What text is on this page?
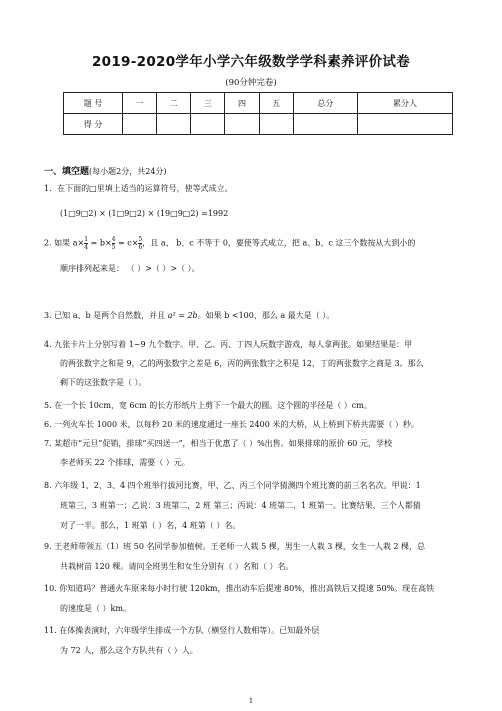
2019-2020学年小学六年级数学学科素养评价试卷
(90分钟完卷)
题 号	一	二	三	四	五	总分	累分人
得 分							
一、填空题(每小题2分，共24分)
1．在下面的□里填上适当的运算符号，使等式成立。
(1□9□2) × (1□9□2) × (19□9□2) =1992
2. 如果 $a\times \frac{1}{4} = b\times \frac{4}{5} = c\times \frac{5}{6}$ ，且 a、 b、c 不等于 0，要使等式成立，把 a、b、c 这三个数按从大到小的
顺序排列起来是： （ ）>（ ）>（ ）。
3. 已知 a、b 是两个自然数，并且 a² = 2b。如果 b <100，那么 a 最大是（ ）。
4. 九张卡片上分别写着 1~9 九个数字。甲、乙、丙、丁四人玩数字游戏，每人拿两张。如果结果是：甲
的两张数字之和是 9，乙的两张数字之差是 6，丙的两张数字之积是 12，丁的两张数字之商是 3。那么
剩下的这张数字是（ ）。
5. 在一个长 10cm，宽 6cm 的长方形纸片上剪下一个最大的圆。这个圆的半径是（ ）cm。
6. 一列火车长 1000 米，以每秒 20 米的速度通过一座长 2400 米的大桥，从上桥到下桥共需要（ ）秒。
7. 某超市“元旦”促销，排球“买四送一”，相当于优惠了（ ）%出售。如果排球的原价 60 元，学校
李老师买 22 个排球，需要（ ）元。
8. 六年级 1、2、3、4 四个班举行拔河比赛，甲、乙、丙三个同学猜测四个班比赛的前三名名次。甲说：1
班第三，3 班第一；乙说：3 班第二，2 班 第三；丙说：4 班第二，1 班第一。比赛结果，三个人都猜
对了一半。那么，1 班第（ ）名，4 班第（ ）名。
9. 王老师带领五（1）班 50 名同学参加植树。王老师一人栽 5 棵，男生一人栽 3 棵，女生一人栽 2 棵，总
共栽树苗 120 棵。请问全班男生和女生分别有（ ）名和（ ）名。
10. 你知道吗？普通火车原来每小时行驶 120km，推出动车后提速 80%，推出高铁后又提速 50%。现在高铁
的速度是（ ）km。
11. 在体操表演时，六年级学生排成一个方队（横竖行人数相等）。已知最外层
为 72 人，那么这个方队共有（ ）人。
1
